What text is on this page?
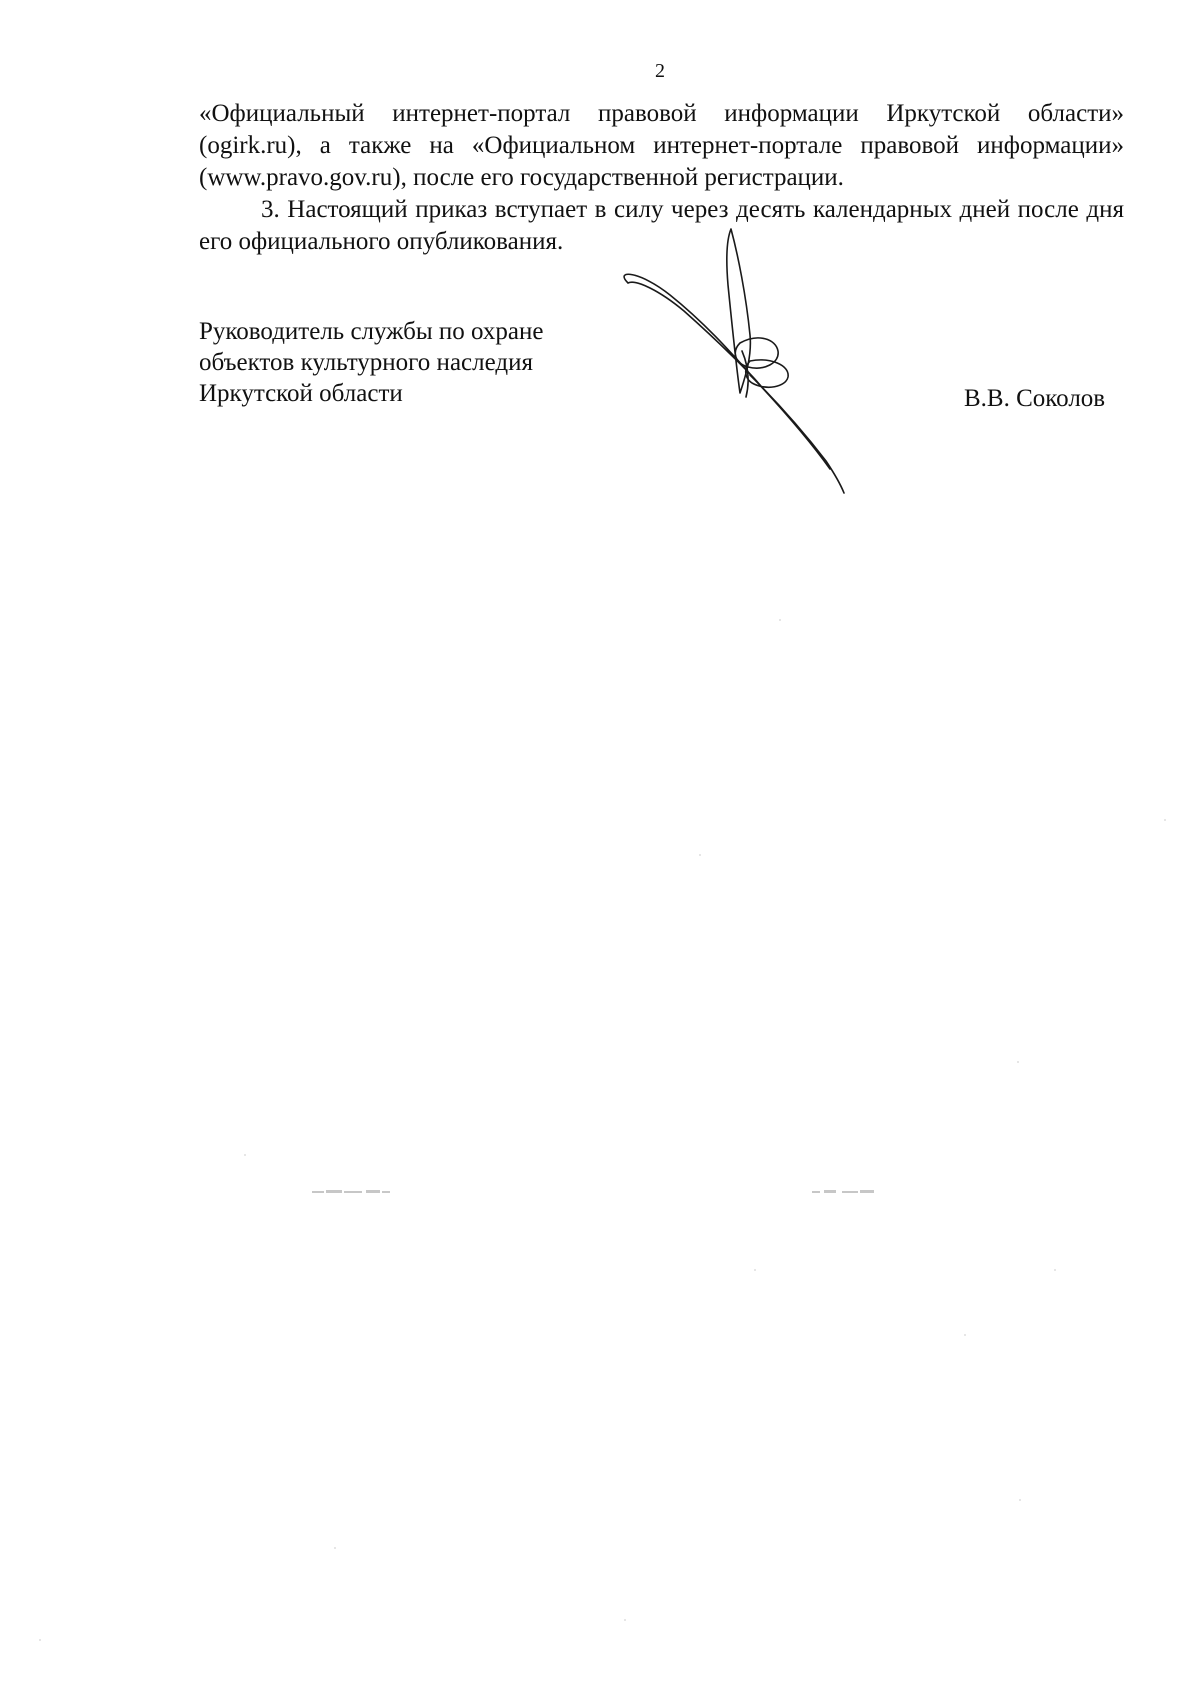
2

«Официальный интернет-портал правовой информации Иркутской области» (ogirk.ru), а также на «Официальном интернет-портале правовой информации» (www.pravo.gov.ru), после его государственной регистрации.

3. Настоящий приказ вступает в силу через десять календарных дней после дня его официального опубликования.

Руководитель службы по охране
объектов культурного наследия
Иркутской области	В.В. Соколов
